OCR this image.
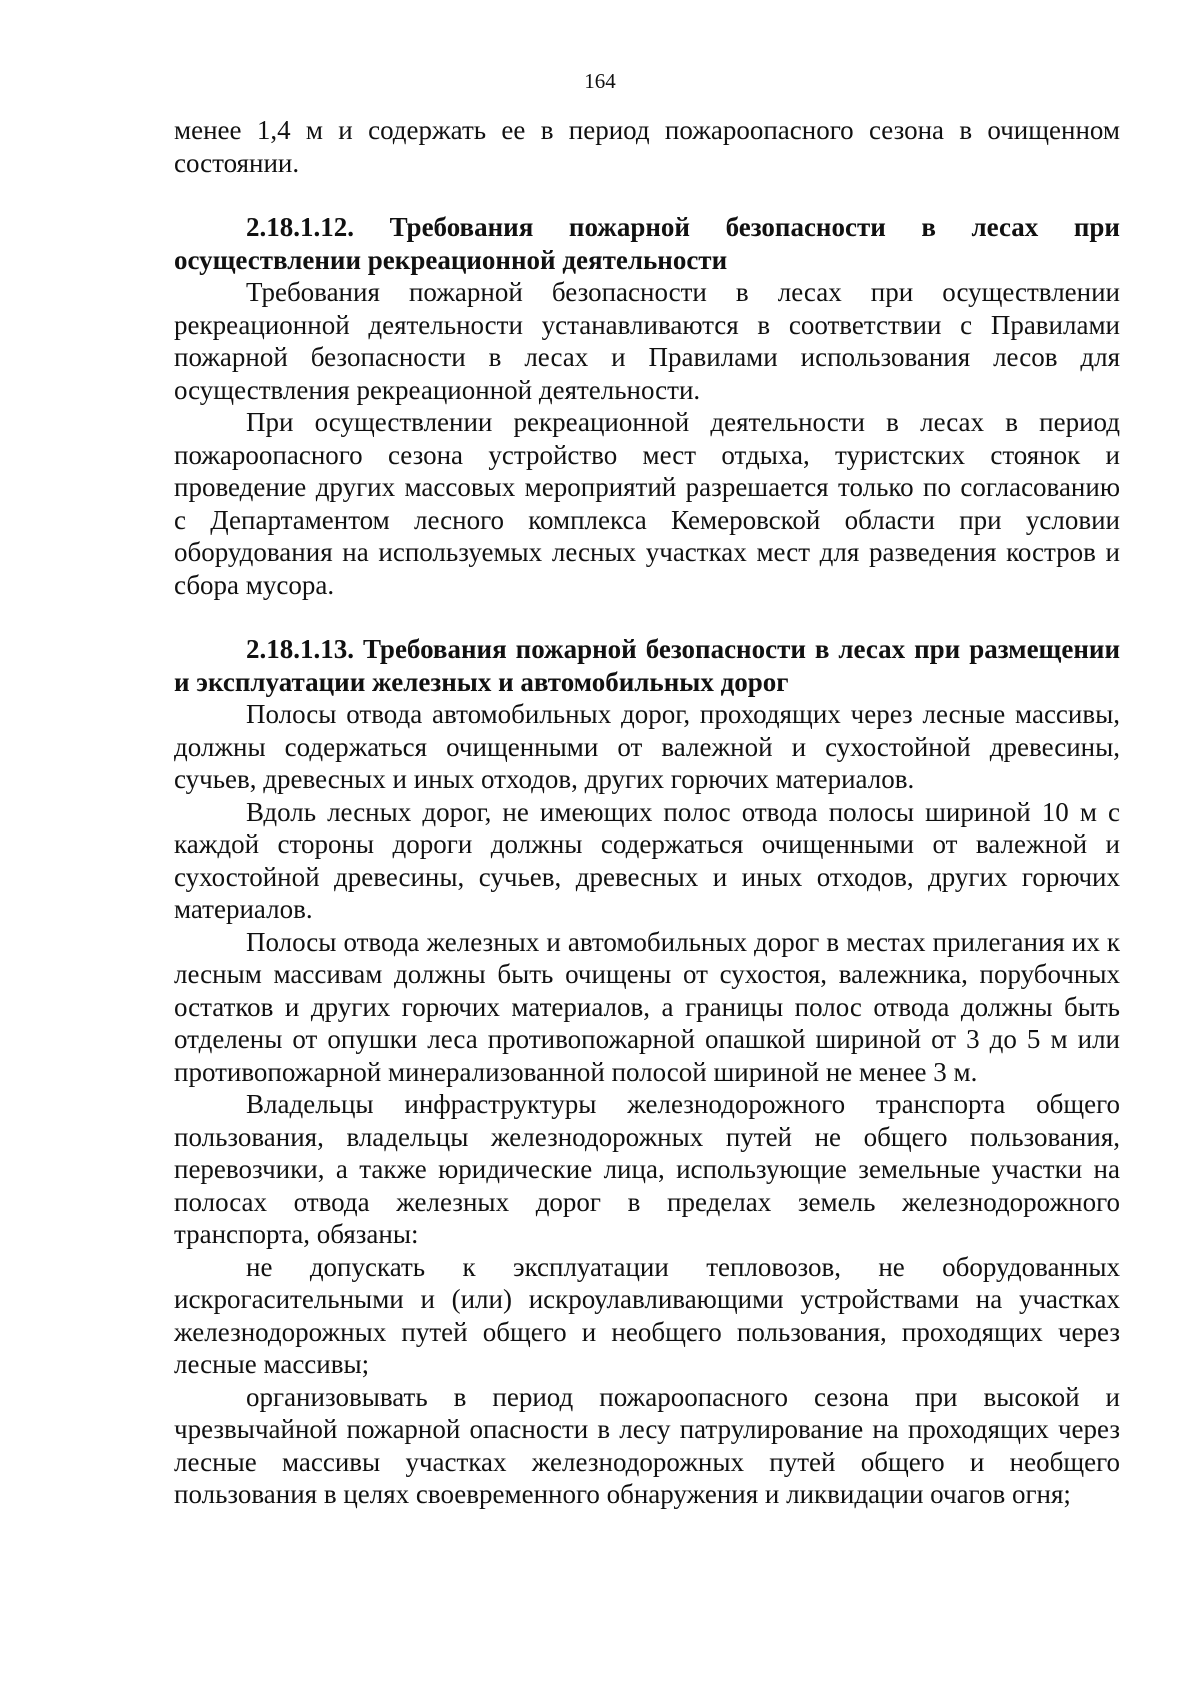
164

менее 1,4 м и содержать ее в период пожароопасного сезона в очищенном состоянии.

2.18.1.12. Требования пожарной безопасности в лесах при осуществлении рекреационной деятельности

Требования пожарной безопасности в лесах при осуществлении рекреационной деятельности устанавливаются в соответствии с Правилами пожарной безопасности в лесах и Правилами использования лесов для осуществления рекреационной деятельности.

При осуществлении рекреационной деятельности в лесах в период пожароопасного сезона устройство мест отдыха, туристских стоянок и проведение других массовых мероприятий разрешается только по согласованию с Департаментом лесного комплекса Кемеровской области при условии оборудования на используемых лесных участках мест для разведения костров и сбора мусора.

2.18.1.13. Требования пожарной безопасности в лесах при размещении и эксплуатации железных и автомобильных дорог

Полосы отвода автомобильных дорог, проходящих через лесные массивы, должны содержаться очищенными от валежной и сухостойной древесины, сучьев, древесных и иных отходов, других горючих материалов.

Вдоль лесных дорог, не имеющих полос отвода полосы шириной 10 м с каждой стороны дороги должны содержаться очищенными от валежной и сухостойной древесины, сучьев, древесных и иных отходов, других горючих материалов.

Полосы отвода железных и автомобильных дорог в местах прилегания их к лесным массивам должны быть очищены от сухостоя, валежника, порубочных остатков и других горючих материалов, а границы полос отвода должны быть отделены от опушки леса противопожарной опашкой шириной от 3 до 5 м или противопожарной минерализованной полосой шириной не менее 3 м.

Владельцы инфраструктуры железнодорожного транспорта общего пользования, владельцы железнодорожных путей не общего пользования, перевозчики, а также юридические лица, использующие земельные участки на полосах отвода железных дорог в пределах земель железнодорожного транспорта, обязаны:

не допускать к эксплуатации тепловозов, не оборудованных искрогасительными и (или) искроулавливающими устройствами на участках железнодорожных путей общего и необщего пользования, проходящих через лесные массивы;

организовывать в период пожароопасного сезона при высокой и чрезвычайной пожарной опасности в лесу патрулирование на проходящих через лесные массивы участках железнодорожных путей общего и необщего пользования в целях своевременного обнаружения и ликвидации очагов огня;
